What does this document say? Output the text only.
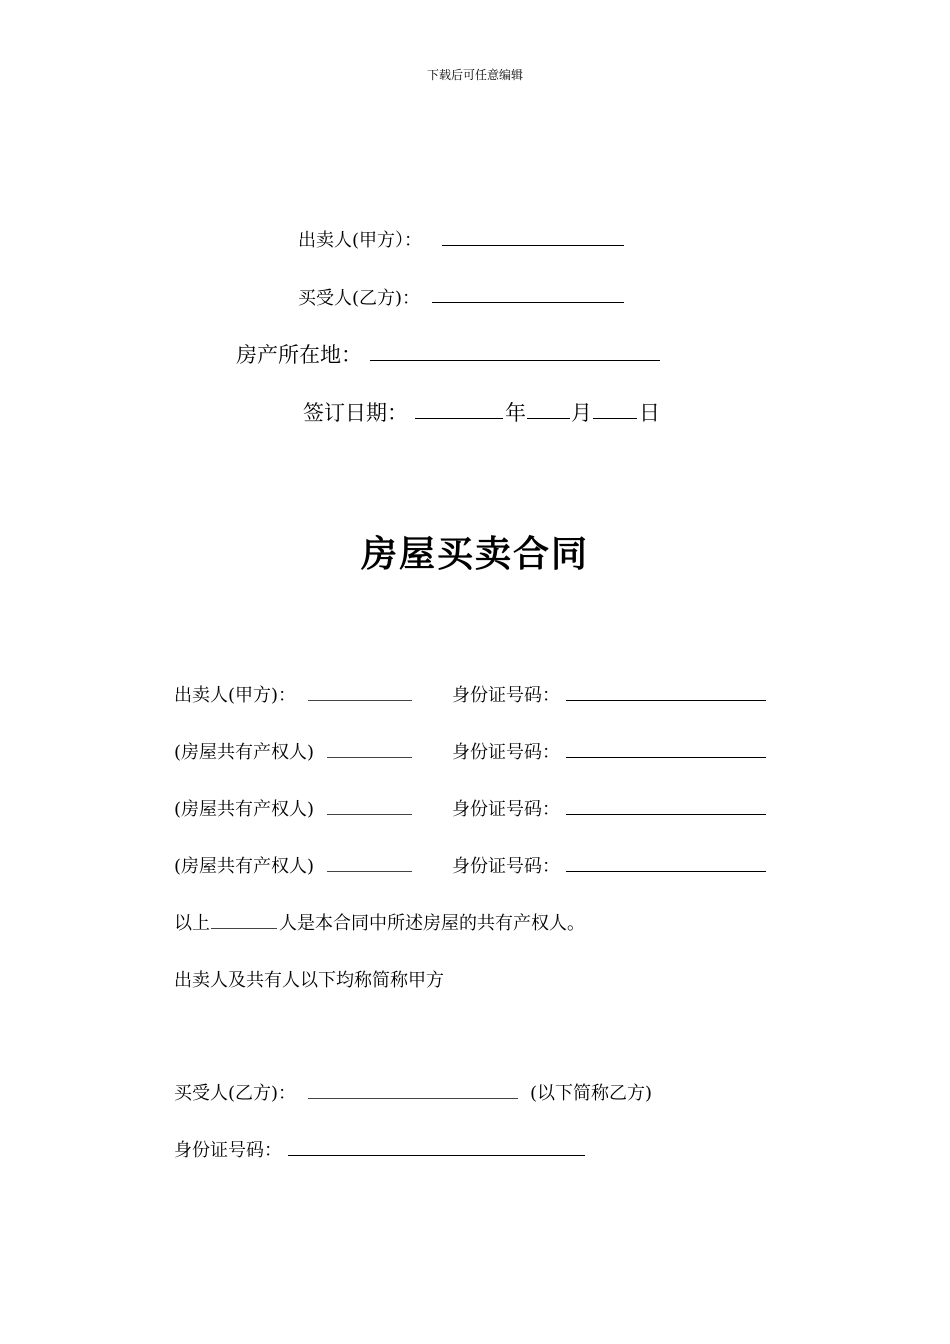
下载后可任意编辑
出卖人(甲方）：
买受人(乙方)：
房产所在地：
签订日期：	年 月 日
房屋买卖合同
出卖人(甲方)：	身份证号码：
(房屋共有产权人)	身份证号码：
(房屋共有产权人)	身份证号码：
(房屋共有产权人)	身份证号码：
以上	人是本合同中所述房屋的共有产权人。
出卖人及共有人以下均称简称甲方
买受人(乙方)：	(以下简称乙方)
身份证号码：
